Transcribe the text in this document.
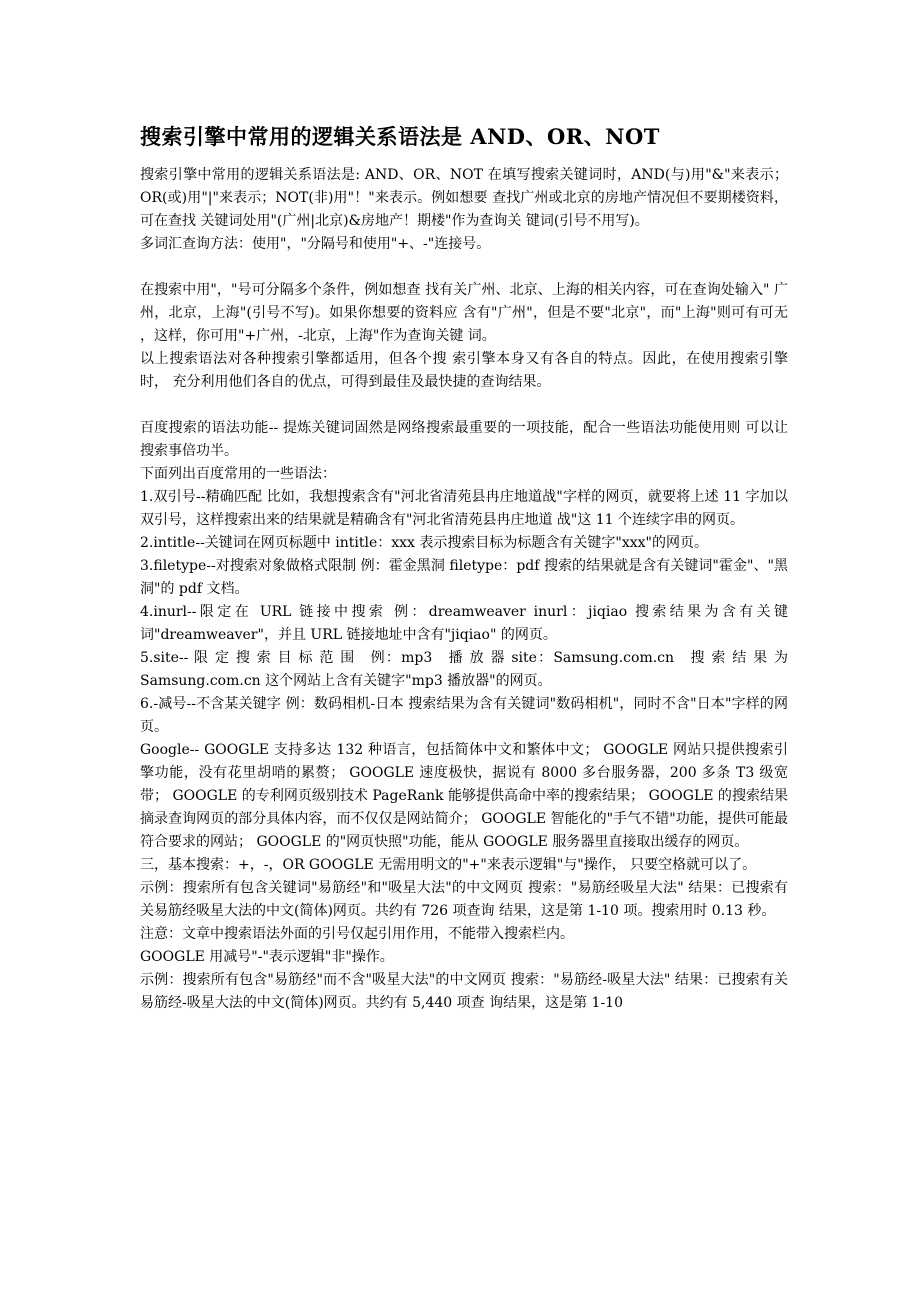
搜索引擎中常用的逻辑关系语法是 AND、OR、NOT

搜索引擎中常用的逻辑关系语法是: AND、OR、NOT 在填写搜索关键词时，AND(与)用"&"来表示； OR(或)用"|"来表示；NOT(非)用"！"来表示。例如想要 查找广州或北京的房地产情况但不要期楼资料，可在查找 关键词处用"(广州|北京)&房地产！期楼"作为查询关 键词(引号不用写)。

多词汇查询方法：使用"，"分隔号和使用"+、-"连接号。

在搜索中用"，"号可分隔多个条件，例如想查 找有关广州、北京、上海的相关内容，可在查询处输入" 广州，北京，上海"(引号不写)。如果你想要的资料应 含有"广州"，但是不要"北京"，而"上海"则可有可无 ，这样，你可用"+广州，-北京，上海"作为查询关键 词。

以上搜索语法对各种搜索引擎都适用，但各个搜 索引擎本身又有各自的特点。因此，在使用搜索引擎时， 充分利用他们各自的优点，可得到最佳及最快捷的查询结果。

百度搜索的语法功能-- 提炼关键词固然是网络搜索最重要的一项技能，配合一些语法功能使用则 可以让搜索事倍功半。

下面列出百度常用的一些语法：

1.双引号--精确匹配 比如，我想搜索含有"河北省清苑县冉庄地道战"字样的网页，就要将上述 11 字加以双引号，这样搜索出来的结果就是精确含有"河北省清苑县冉庄地道 战"这 11 个连续字串的网页。

2.intitle--关键词在网页标题中 intitle：xxx 表示搜索目标为标题含有关键字"xxx"的网页。

3.filetype--对搜索对象做格式限制 例：霍金黑洞 filetype：pdf 搜索的结果就是含有关键词"霍金"、"黑洞"的 pdf 文档。

4.inurl--限定在 URL 链接中搜索 例：dreamweaver inurl：jiqiao 搜索结果为含有关键词"dreamweaver"，并且 URL 链接地址中含有"jiqiao" 的网页。

5.site-- 限 定 搜 索 目 标 范 围　例：mp3　播 放 器 site：Samsung.com.cn　搜 索 结 果 为 Samsung.com.cn 这个网站上含有关键字"mp3 播放器"的网页。

6.-减号--不含某关键字 例：数码相机-日本 搜索结果为含有关键词"数码相机"，同时不含"日本"字样的网页。

Google-- GOOGLE 支持多达 132 种语言，包括简体中文和繁体中文； GOOGLE 网站只提供搜索引擎功能，没有花里胡哨的累赘； GOOGLE 速度极快，据说有 8000 多台服务器，200 多条 T3 级宽带； GOOGLE 的专利网页级别技术 PageRank 能够提供高命中率的搜索结果； GOOGLE 的搜索结果摘录查询网页的部分具体内容，而不仅仅是网站简介； GOOGLE 智能化的"手气不错"功能，提供可能最符合要求的网站； GOOGLE 的"网页快照"功能，能从 GOOGLE 服务器里直接取出缓存的网页。

三，基本搜索：+，-，OR GOOGLE 无需用明文的"+"来表示逻辑"与"操作， 只要空格就可以了。

示例：搜索所有包含关键词"易筋经"和"吸星大法"的中文网页 搜索："易筋经吸星大法" 结果：已搜索有关易筋经吸星大法的中文(简体)网页。共约有 726 项查询 结果，这是第 1-10 项。搜索用时 0.13 秒。

注意：文章中搜索语法外面的引号仅起引用作用，不能带入搜索栏内。

GOOGLE 用减号"-"表示逻辑"非"操作。

示例：搜索所有包含"易筋经"而不含"吸星大法"的中文网页 搜索："易筋经-吸星大法" 结果：已搜索有关易筋经-吸星大法的中文(简体)网页。共约有 5,440 项查 询结果，这是第 1-10
